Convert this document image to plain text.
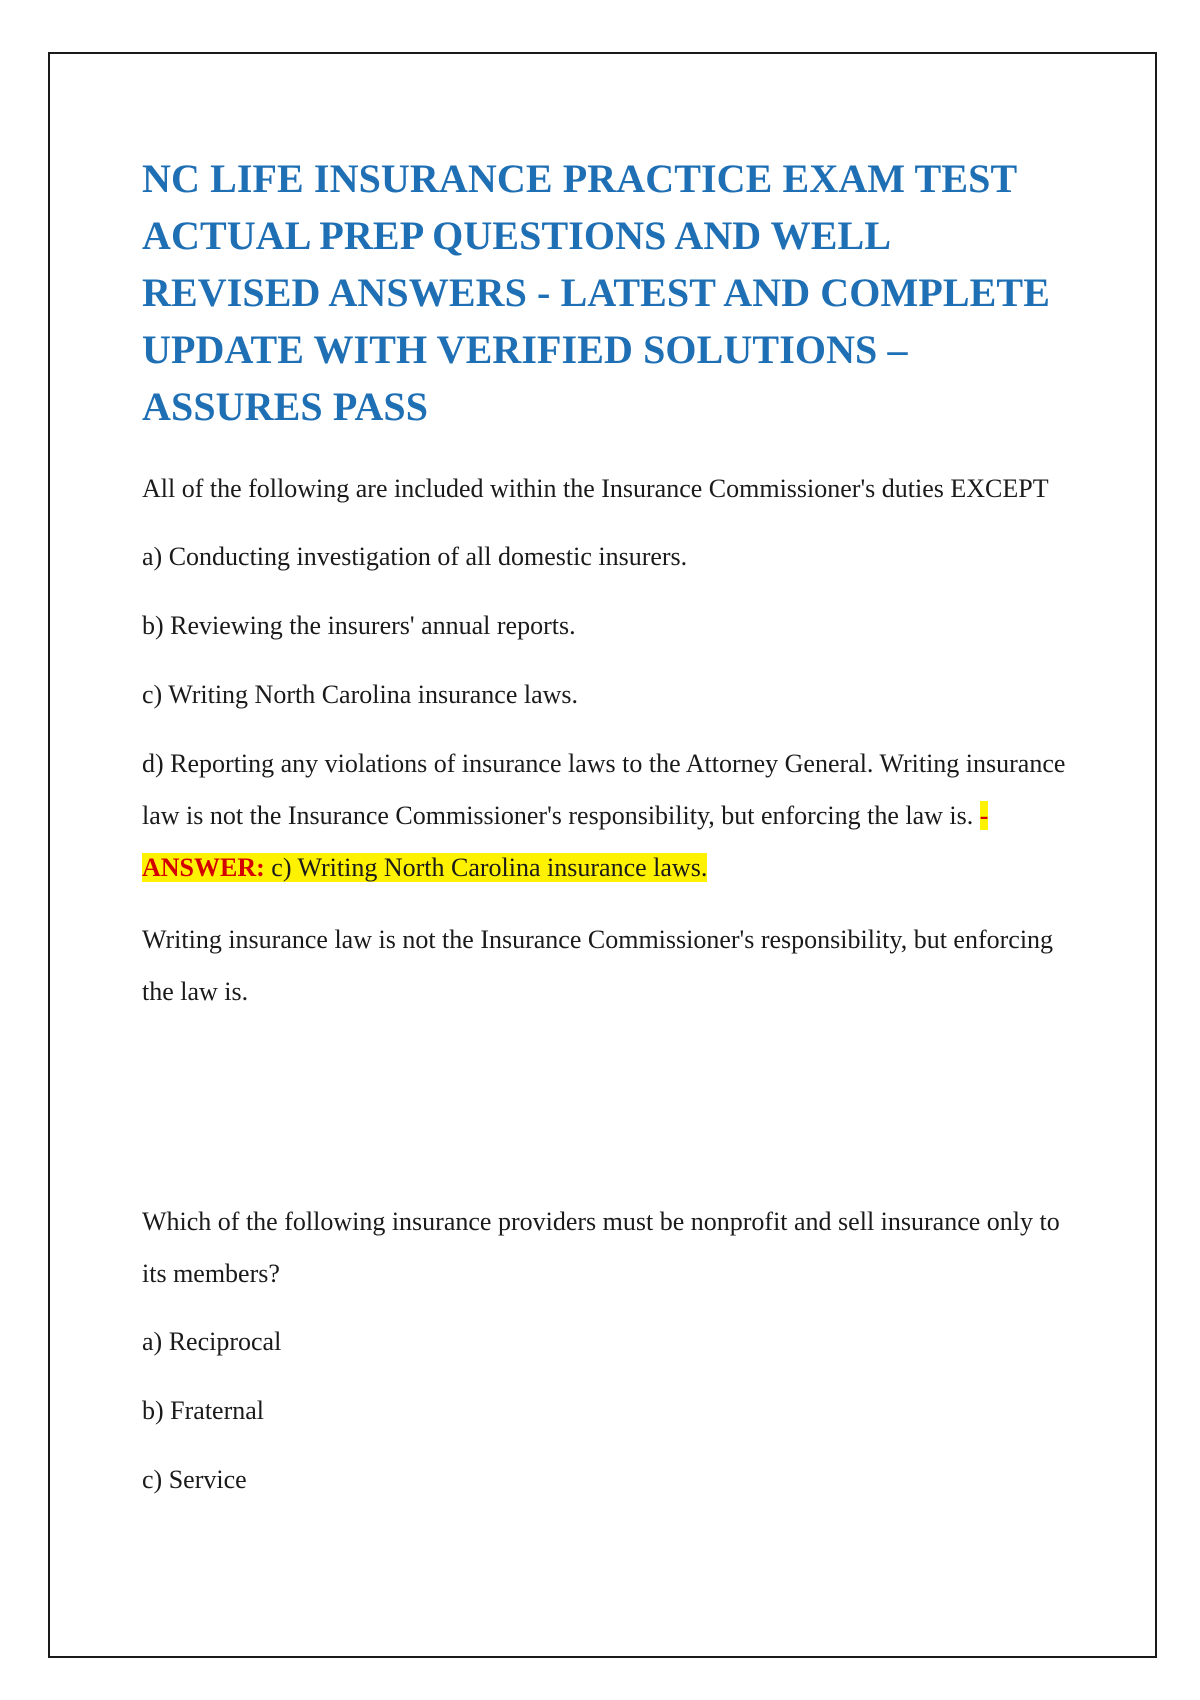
NC LIFE INSURANCE PRACTICE EXAM TEST ACTUAL PREP QUESTIONS AND WELL REVISED ANSWERS - LATEST AND COMPLETE UPDATE WITH VERIFIED SOLUTIONS – ASSURES PASS

All of the following are included within the Insurance Commissioner's duties EXCEPT

a) Conducting investigation of all domestic insurers.

b) Reviewing the insurers' annual reports.

c) Writing North Carolina insurance laws.

d) Reporting any violations of insurance laws to the Attorney General. Writing insurance law is not the Insurance Commissioner's responsibility, but enforcing the law is. - ANSWER: c) Writing North Carolina insurance laws.

Writing insurance law is not the Insurance Commissioner's responsibility, but enforcing the law is.

Which of the following insurance providers must be nonprofit and sell insurance only to its members?

a) Reciprocal

b) Fraternal

c) Service
